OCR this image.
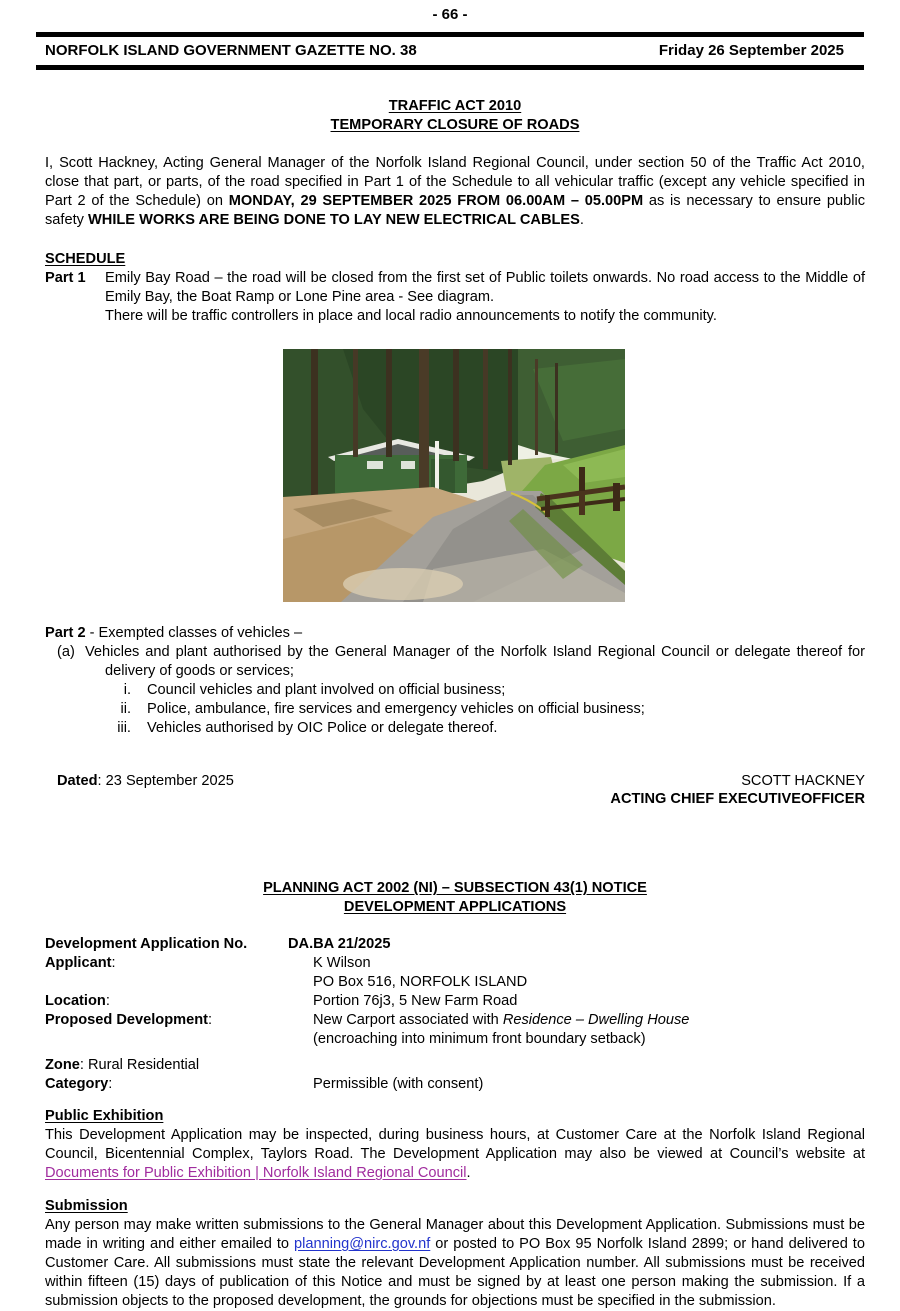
- 66 -
NORFOLK ISLAND GOVERNMENT GAZETTE NO. 38	Friday 26 September 2025
TRAFFIC ACT 2010
TEMPORARY CLOSURE OF ROADS

I, Scott Hackney, Acting General Manager of the Norfolk Island Regional Council, under section 50 of the Traffic Act 2010, close that part, or parts, of the road specified in Part 1 of the Schedule to all vehicular traffic (except any vehicle specified in Part 2 of the Schedule) on MONDAY, 29 SEPTEMBER 2025 FROM 06.00AM – 05.00PM as is necessary to ensure public safety WHILE WORKS ARE BEING DONE TO LAY NEW ELECTRICAL CABLES.

SCHEDULE
Part 1	Emily Bay Road – the road will be closed from the first set of Public toilets onwards. No road access to the Middle of Emily Bay, the Boat Ramp or Lone Pine area - See diagram.
There will be traffic controllers in place and local radio announcements to notify the community.
Part 2 - Exempted classes of vehicles –
(a) Vehicles and plant authorised by the General Manager of the Norfolk Island Regional Council or delegate thereof for delivery of goods or services;
i. Council vehicles and plant involved on official business;
ii. Police, ambulance, fire services and emergency vehicles on official business;
iii. Vehicles authorised by OIC Police or delegate thereof.
Dated: 23 September 2025	SCOTT HACKNEY
ACTING CHIEF EXECUTIVEOFFICER
PLANNING ACT 2002 (NI) – SUBSECTION 43(1) NOTICE
DEVELOPMENT APPLICATIONS
Development Application No.	DA.BA 21/2025
Applicant:	K Wilson
PO Box 516, NORFOLK ISLAND
Location:	Portion 76j3, 5 New Farm Road
Proposed Development:	New Carport associated with Residence – Dwelling House
(encroaching into minimum front boundary setback)
Zone: Rural Residential
Category:	Permissible (with consent)
Public Exhibition

This Development Application may be inspected, during business hours, at Customer Care at the Norfolk Island Regional Council, Bicentennial Complex, Taylors Road. The Development Application may also be viewed at Council’s website at Documents for Public Exhibition | Norfolk Island Regional Council.

Submission

Any person may make written submissions to the General Manager about this Development Application. Submissions must be made in writing and either emailed to planning@nirc.gov.nf or posted to PO Box 95 Norfolk Island 2899; or hand delivered to Customer Care. All submissions must state the relevant Development Application number. All submissions must be received within fifteen (15) days of publication of this Notice and must be signed by at least one person making the submission. If a submission objects to the proposed development, the grounds for objections must be specified in the submission.
